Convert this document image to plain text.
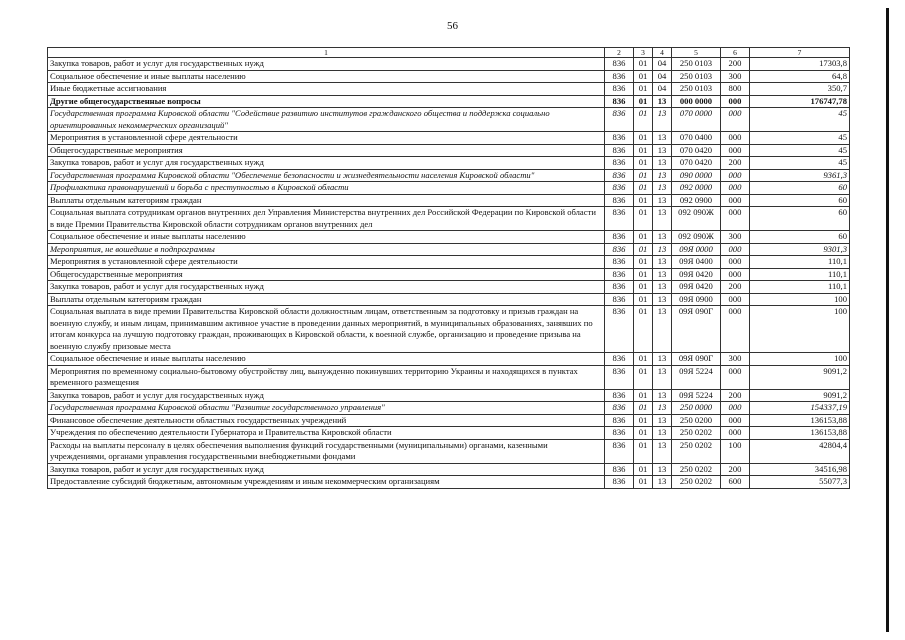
56
1	2	3	4	5	6	7
Закупка товаров, работ и услуг для государственных нужд	836	01	04	250 0103	200	17303,8
Социальное обеспечение и иные выплаты населению	836	01	04	250 0103	300	64,8
Иные бюджетные ассигнования	836	01	04	250 0103	800	350,7
Другие общегосударственные вопросы	836	01	13	000 0000	000	176747,78
Государственная программа Кировской области "Содействие развитию институтов гражданского общества и поддержка социально ориентированных некоммерческих организаций"	836	01	13	070 0000	000	45
Мероприятия в установленной сфере деятельности	836	01	13	070 0400	000	45
Общегосударственные мероприятия	836	01	13	070 0420	000	45
Закупка товаров, работ и услуг для государственных нужд	836	01	13	070 0420	200	45
Государственная программа Кировской области "Обеспечение безопасности и жизнедеятельности населения Кировской области"	836	01	13	090 0000	000	9361,3
Профилактика правонарушений и борьба с преступностью в Кировской области	836	01	13	092 0000	000	60
Выплаты отдельным категориям граждан	836	01	13	092 0900	000	60
Социальная выплата сотрудникам органов внутренних дел Управления Министерства внутренних дел Российской Федерации по Кировской области в виде Премии Правительства Кировской области сотрудникам органов внутренних дел	836	01	13	092 090Ж	000	60
Социальное обеспечение и иные выплаты населению	836	01	13	092 090Ж	300	60
Мероприятия, не вошедшие в подпрограммы	836	01	13	09Я 0000	000	9301,3
Мероприятия в установленной сфере деятельности	836	01	13	09Я 0400	000	110,1
Общегосударственные мероприятия	836	01	13	09Я 0420	000	110,1
Закупка товаров, работ и услуг для государственных нужд	836	01	13	09Я 0420	200	110,1
Выплаты отдельным категориям граждан	836	01	13	09Я 0900	000	100
Социальная выплата в виде премии Правительства Кировской области должностным лицам, ответственным за подготовку и призыв граждан на военную службу, и иным лицам, принимавшим активное участие в проведении данных мероприятий, в муниципальных образованиях, занявших по итогам конкурса на лучшую подготовку граждан, проживающих в Кировской области, к военной службе, организацию и проведение призыва на военную службу призовые места	836	01	13	09Я 090Г	000	100
Социальное обеспечение и иные выплаты населению	836	01	13	09Я 090Г	300	100
Мероприятия по временному социально-бытовому обустройству лиц, вынужденно покинувших территорию Украины и находящихся в пунктах временного размещения	836	01	13	09Я 5224	000	9091,2
Закупка товаров, работ и услуг для государственных нужд	836	01	13	09Я 5224	200	9091,2
Государственная программа Кировской области "Развитие государственного управления"	836	01	13	250 0000	000	154337,19
Финансовое обеспечение деятельности областных государственных учреждений	836	01	13	250 0200	000	136153,88
Учреждения по обеспечению деятельности Губернатора и Правительства Кировской области	836	01	13	250 0202	000	136153,88
Расходы на выплаты персоналу в целях обеспечения выполнения функций государственными (муниципальными) органами, казенными учреждениями, органами управления государственными внебюджетными фондами	836	01	13	250 0202	100	42804,4
Закупка товаров, работ и услуг для государственных нужд	836	01	13	250 0202	200	34516,98
Предоставление субсидий бюджетным, автономным учреждениям и иным некоммерческим организациям	836	01	13	250 0202	600	55077,3
